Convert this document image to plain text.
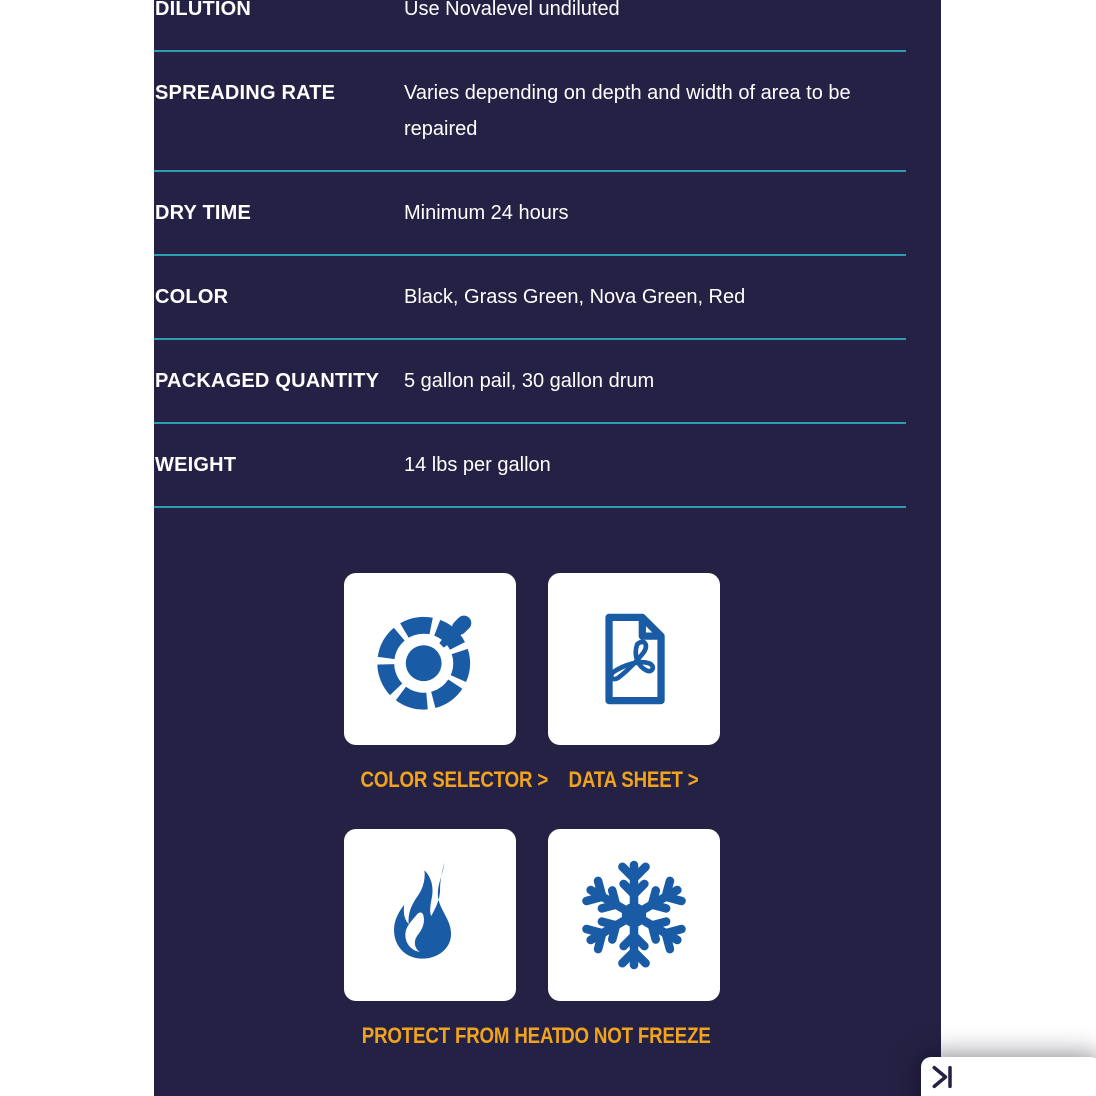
DILUTION	Use Novalevel undiluted
SPREADING RATE	Varies depending on depth and width of area to be repaired
DRY TIME	Minimum 24 hours
COLOR	Black, Grass Green, Nova Green, Red
PACKAGED QUANTITY	5 gallon pail, 30 gallon drum
WEIGHT	14 lbs per gallon
COLOR SELECTOR > DATA SHEET >
PROTECT FROM HEAT
DO NOT FREEZE
